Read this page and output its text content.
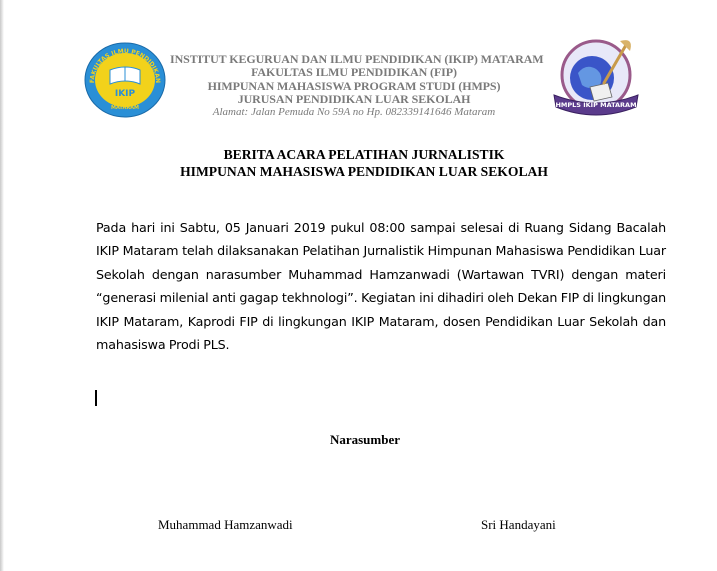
FAKULTAS ILMU PENDIDIKAN
IKIP
MATARAM
INSTITUT KEGURUAN DAN ILMU PENDIDIKAN (IKIP) MATARAM
FAKULTAS ILMU PENDIDIKAN (FIP)
HIMPUNAN MAHASISWA PROGRAM STUDI (HMPS)
JURUSAN PENDIDIKAN LUAR SEKOLAH
Alamat: Jalan Pemuda No 59A no Hp. 082339141646 Mataram
HMPLS IKIP MATARAM
BERITA ACARA PELATIHAN JURNALISTIK
HIMPUNAN MAHASISWA PENDIDIKAN LUAR SEKOLAH
Pada hari ini Sabtu, 05 Januari 2019 pukul 08:00 sampai selesai di Ruang Sidang Bacalah IKIP Mataram telah dilaksanakan Pelatihan Jurnalistik Himpunan Mahasiswa Pendidikan Luar Sekolah dengan narasumber Muhammad Hamzanwadi (Wartawan TVRI) dengan materi “generasi milenial anti gagap tekhnologi”. Kegiatan ini dihadiri oleh Dekan FIP di lingkungan IKIP Mataram, Kaprodi FIP di lingkungan IKIP Mataram, dosen Pendidikan Luar Sekolah dan mahasiswa Prodi PLS.
Narasumber
Muhammad Hamzanwadi	Sri Handayani
